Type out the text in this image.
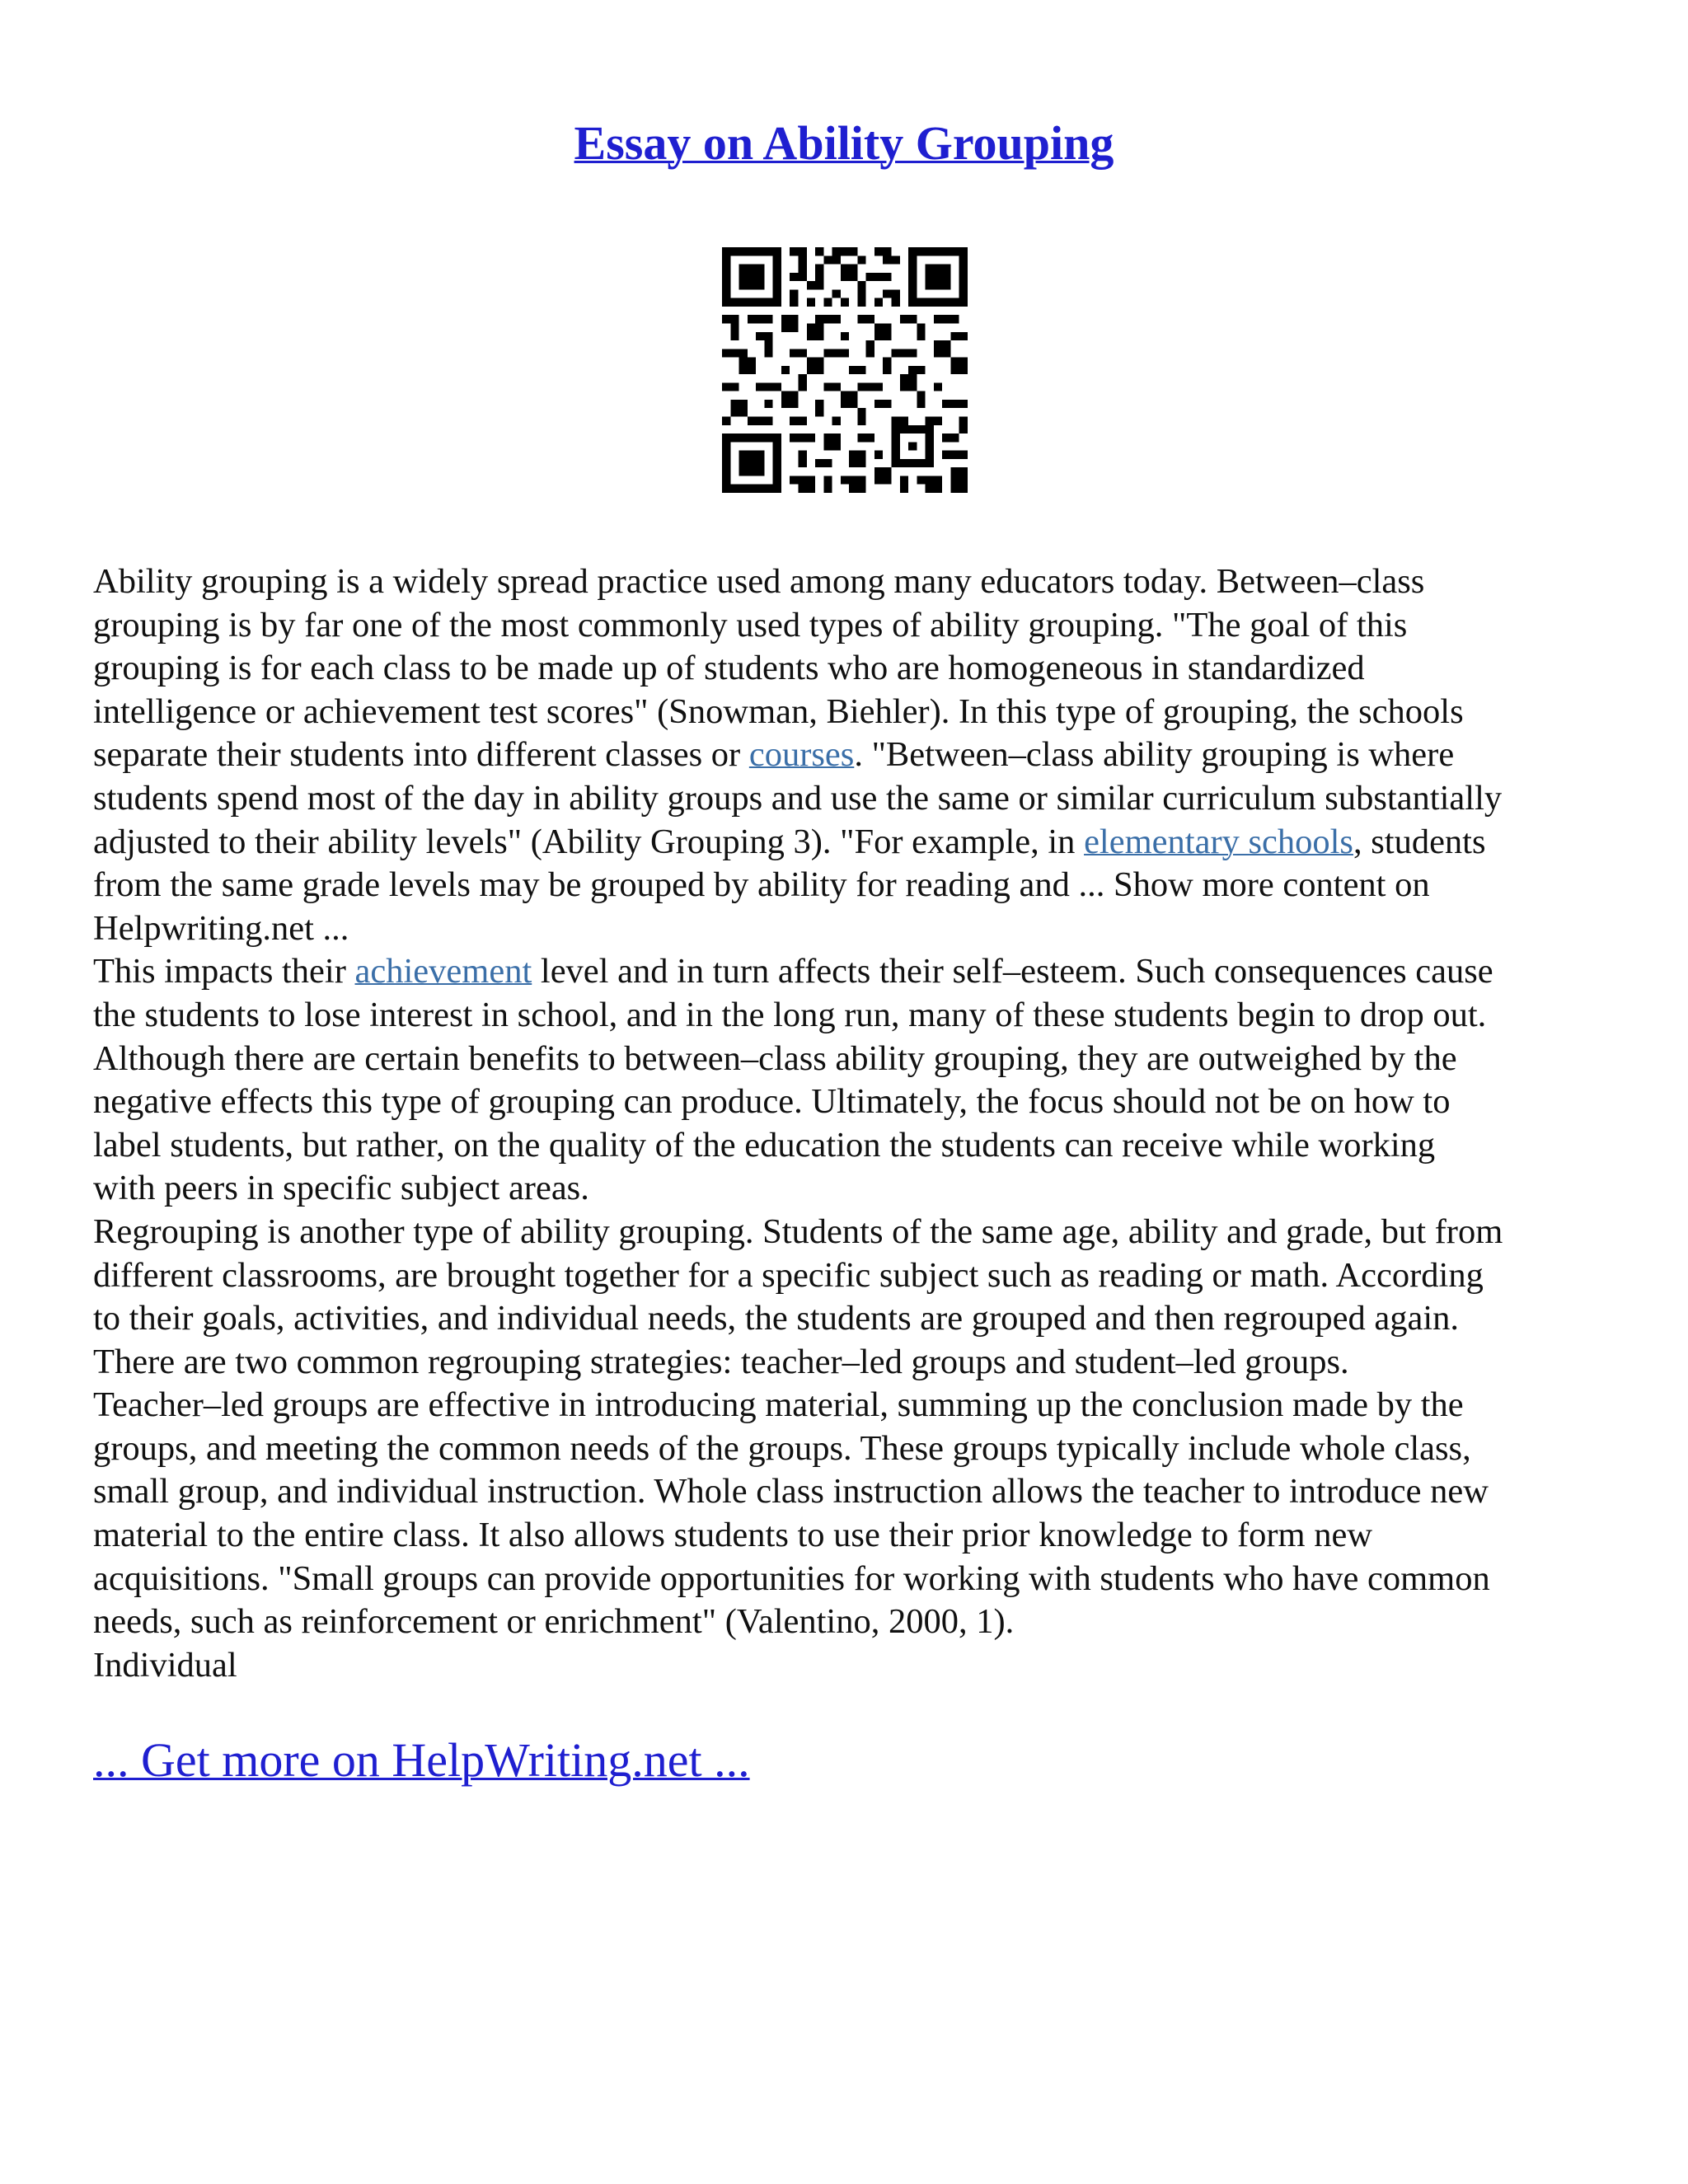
Essay on Ability Grouping

Ability grouping is a widely spread practice used among many educators today. Between–class

grouping is by far one of the most commonly used types of ability grouping. "The goal of this

grouping is for each class to be made up of students who are homogeneous in standardized

intelligence or achievement test scores" (Snowman, Biehler). In this type of grouping, the schools

separate their students into different classes or courses. "Between–class ability grouping is where

students spend most of the day in ability groups and use the same or similar curriculum substantially

adjusted to their ability levels" (Ability Grouping 3). "For example, in elementary schools, students

from the same grade levels may be grouped by ability for reading and ... Show more content on

Helpwriting.net ...

This impacts their achievement level and in turn affects their self–esteem. Such consequences cause

the students to lose interest in school, and in the long run, many of these students begin to drop out.

Although there are certain benefits to between–class ability grouping, they are outweighed by the

negative effects this type of grouping can produce. Ultimately, the focus should not be on how to

label students, but rather, on the quality of the education the students can receive while working

with peers in specific subject areas.

Regrouping is another type of ability grouping. Students of the same age, ability and grade, but from

different classrooms, are brought together for a specific subject such as reading or math. According

to their goals, activities, and individual needs, the students are grouped and then regrouped again.

There are two common regrouping strategies: teacher–led groups and student–led groups.

Teacher–led groups are effective in introducing material, summing up the conclusion made by the

groups, and meeting the common needs of the groups. These groups typically include whole class,

small group, and individual instruction. Whole class instruction allows the teacher to introduce new

material to the entire class. It also allows students to use their prior knowledge to form new

acquisitions. "Small groups can provide opportunities for working with students who have common

needs, such as reinforcement or enrichment" (Valentino, 2000, 1).

Individual

... Get more on HelpWriting.net ...
